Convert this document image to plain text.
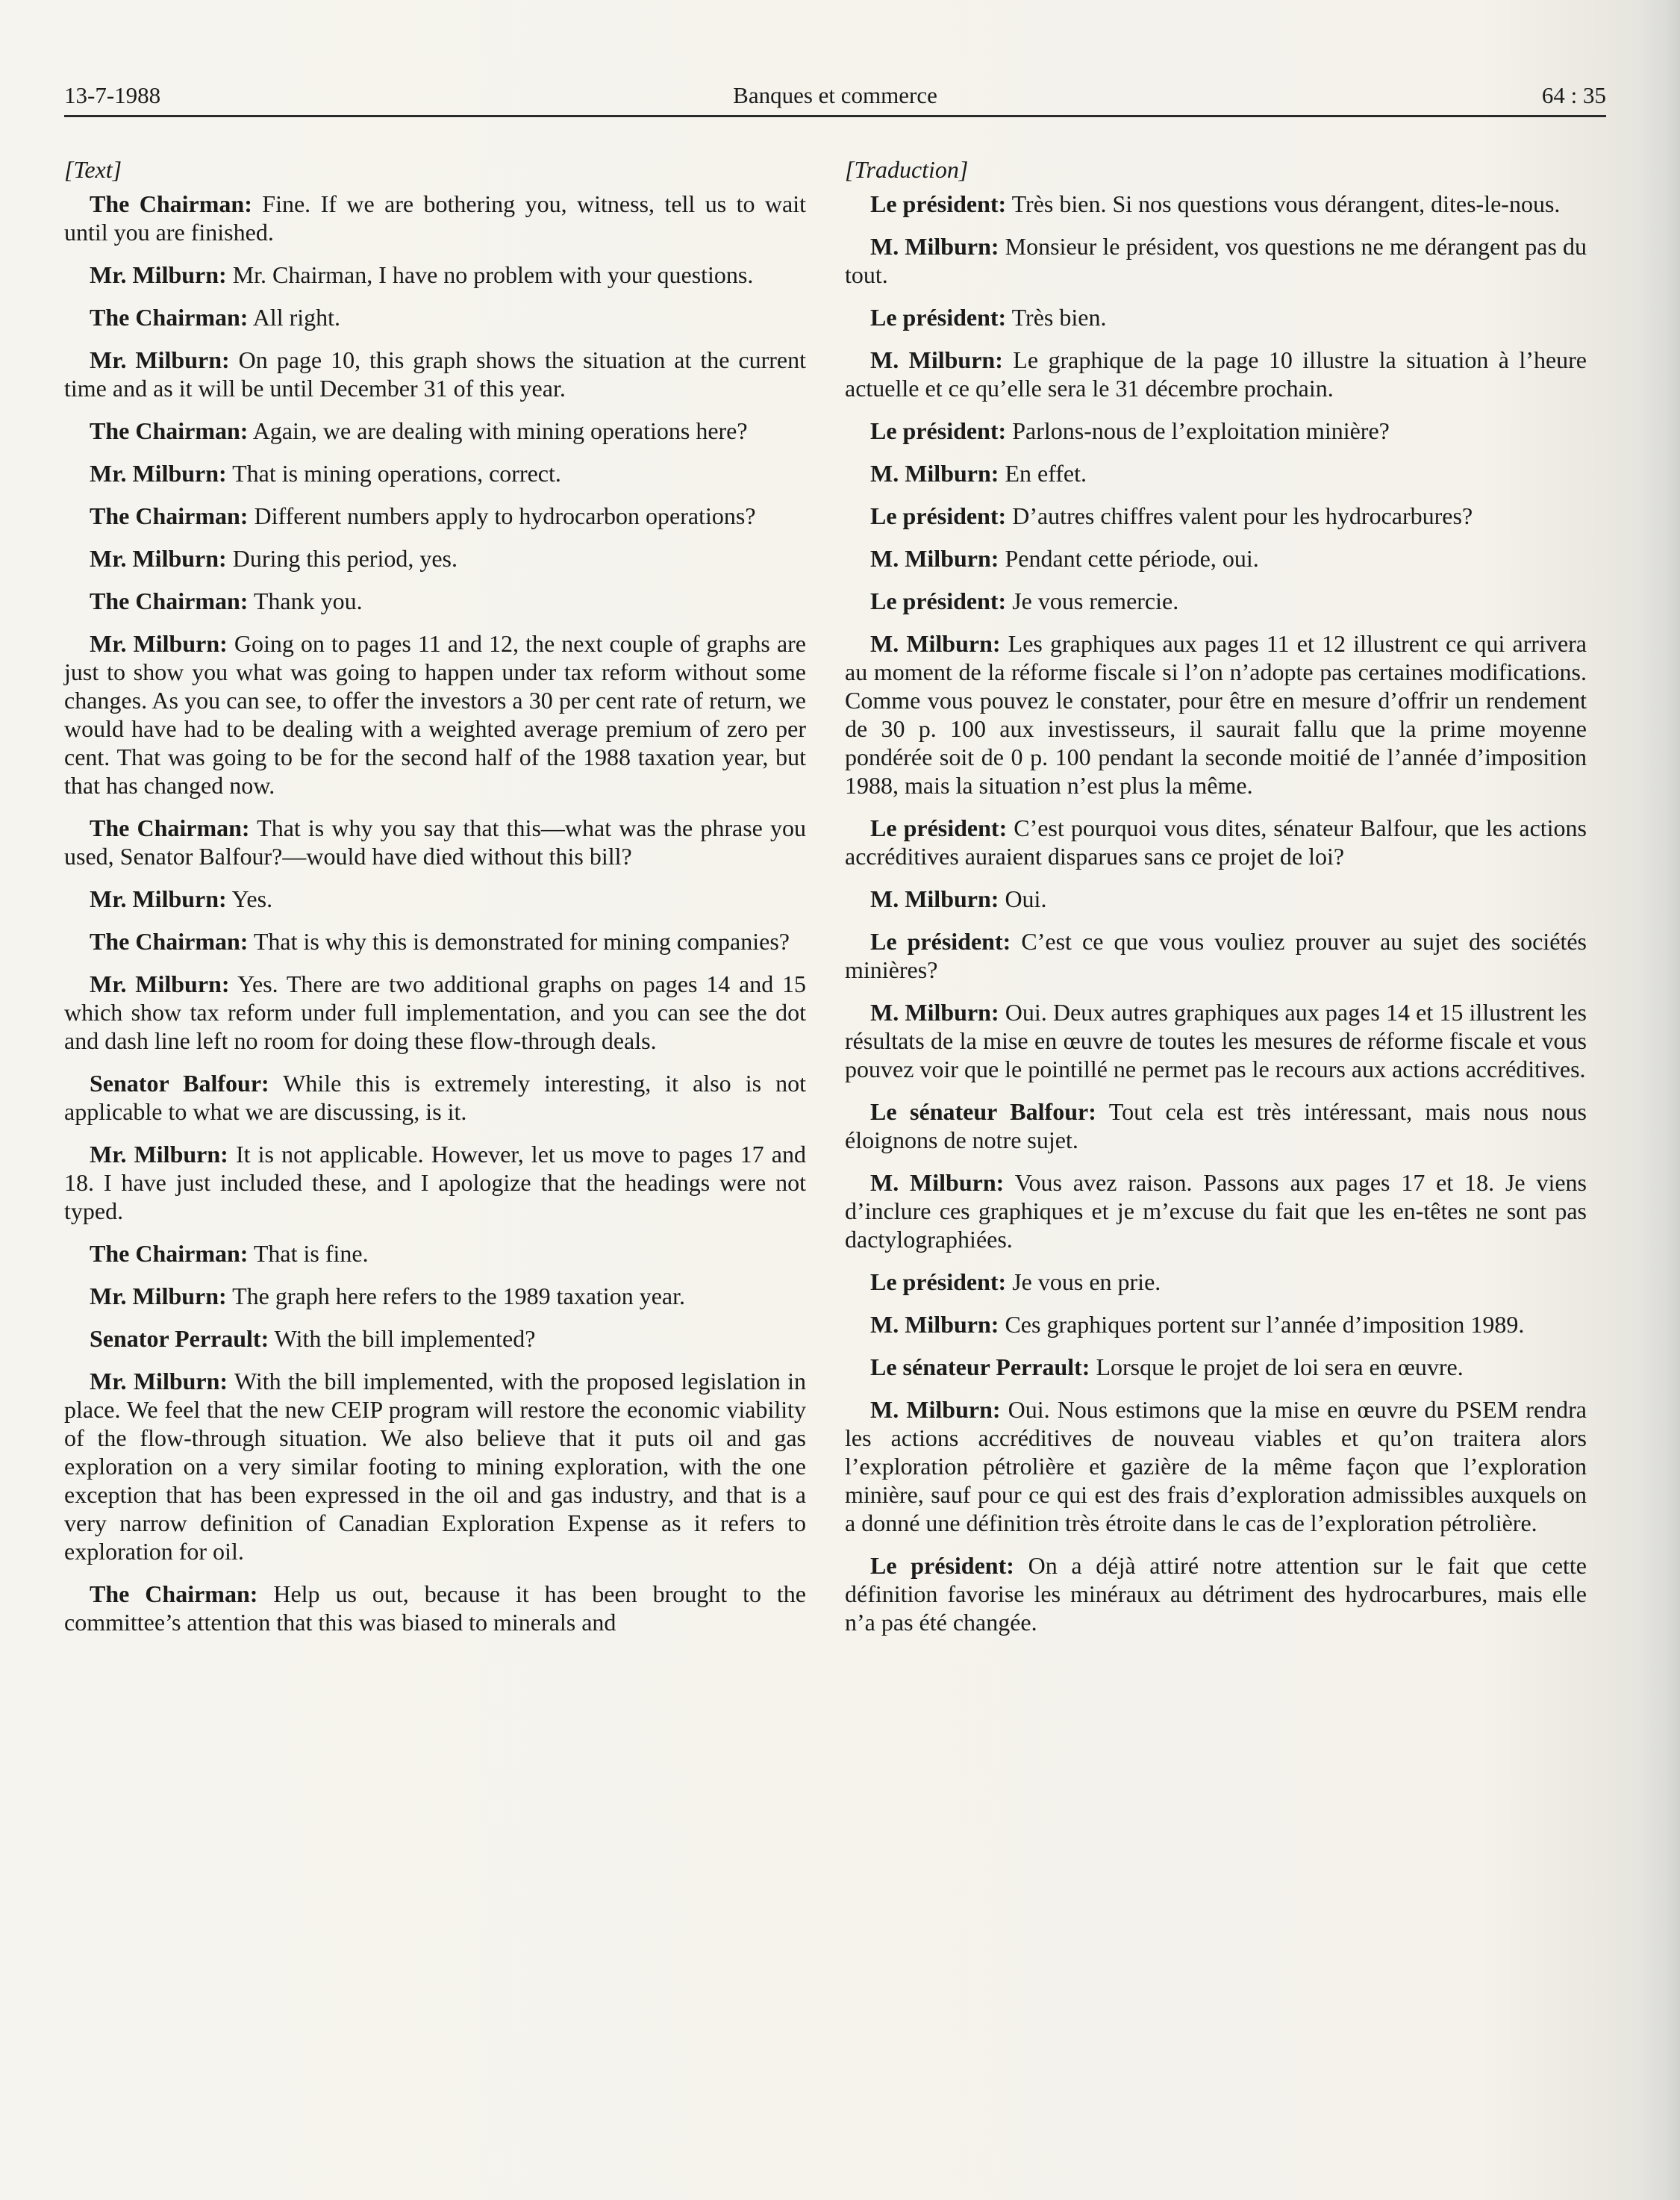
13-7-1988	Banques et commerce	64 : 35
[Text]

The Chairman: Fine. If we are bothering you, witness, tell us to wait until you are finished.

Mr. Milburn: Mr. Chairman, I have no problem with your questions.

The Chairman: All right.

Mr. Milburn: On page 10, this graph shows the situation at the current time and as it will be until December 31 of this year.

The Chairman: Again, we are dealing with mining operations here?

Mr. Milburn: That is mining operations, correct.

The Chairman: Different numbers apply to hydrocarbon operations?

Mr. Milburn: During this period, yes.

The Chairman: Thank you.

Mr. Milburn: Going on to pages 11 and 12, the next couple of graphs are just to show you what was going to happen under tax reform without some changes. As you can see, to offer the investors a 30 per cent rate of return, we would have had to be dealing with a weighted average premium of zero per cent. That was going to be for the second half of the 1988 taxation year, but that has changed now.

The Chairman: That is why you say that this—what was the phrase you used, Senator Balfour?—would have died without this bill?

Mr. Milburn: Yes.

The Chairman: That is why this is demonstrated for mining companies?

Mr. Milburn: Yes. There are two additional graphs on pages 14 and 15 which show tax reform under full implementation, and you can see the dot and dash line left no room for doing these flow-through deals.

Senator Balfour: While this is extremely interesting, it also is not applicable to what we are discussing, is it.

Mr. Milburn: It is not applicable. However, let us move to pages 17 and 18. I have just included these, and I apologize that the headings were not typed.

The Chairman: That is fine.

Mr. Milburn: The graph here refers to the 1989 taxation year.

Senator Perrault: With the bill implemented?

Mr. Milburn: With the bill implemented, with the proposed legislation in place. We feel that the new CEIP program will restore the economic viability of the flow-through situation. We also believe that it puts oil and gas exploration on a very similar footing to mining exploration, with the one exception that has been expressed in the oil and gas industry, and that is a very narrow definition of Canadian Exploration Expense as it refers to exploration for oil.

The Chairman: Help us out, because it has been brought to the committee’s attention that this was biased to minerals and

[Traduction]

Le président: Très bien. Si nos questions vous dérangent, dites-le-nous.

M. Milburn: Monsieur le président, vos questions ne me dérangent pas du tout.

Le président: Très bien.

M. Milburn: Le graphique de la page 10 illustre la situation à l’heure actuelle et ce qu’elle sera le 31 décembre prochain.

Le président: Parlons-nous de l’exploitation minière?

M. Milburn: En effet.

Le président: D’autres chiffres valent pour les hydrocarbures?

M. Milburn: Pendant cette période, oui.

Le président: Je vous remercie.

M. Milburn: Les graphiques aux pages 11 et 12 illustrent ce qui arrivera au moment de la réforme fiscale si l’on n’adopte pas certaines modifications. Comme vous pouvez le constater, pour être en mesure d’offrir un rendement de 30 p. 100 aux investisseurs, il saurait fallu que la prime moyenne pondérée soit de 0 p. 100 pendant la seconde moitié de l’année d’imposition 1988, mais la situation n’est plus la même.

Le président: C’est pourquoi vous dites, sénateur Balfour, que les actions accréditives auraient disparues sans ce projet de loi?

M. Milburn: Oui.

Le président: C’est ce que vous vouliez prouver au sujet des sociétés minières?

M. Milburn: Oui. Deux autres graphiques aux pages 14 et 15 illustrent les résultats de la mise en œuvre de toutes les mesures de réforme fiscale et vous pouvez voir que le pointillé ne permet pas le recours aux actions accréditives.

Le sénateur Balfour: Tout cela est très intéressant, mais nous nous éloignons de notre sujet.

M. Milburn: Vous avez raison. Passons aux pages 17 et 18. Je viens d’inclure ces graphiques et je m’excuse du fait que les en-têtes ne sont pas dactylographiées.

Le président: Je vous en prie.

M. Milburn: Ces graphiques portent sur l’année d’imposition 1989.

Le sénateur Perrault: Lorsque le projet de loi sera en œuvre.

M. Milburn: Oui. Nous estimons que la mise en œuvre du PSEM rendra les actions accréditives de nouveau viables et qu’on traitera alors l’exploration pétrolière et gazière de la même façon que l’exploration minière, sauf pour ce qui est des frais d’exploration admissibles auxquels on a donné une définition très étroite dans le cas de l’exploration pétrolière.

Le président: On a déjà attiré notre attention sur le fait que cette définition favorise les minéraux au détriment des hydrocarbures, mais elle n’a pas été changée.
